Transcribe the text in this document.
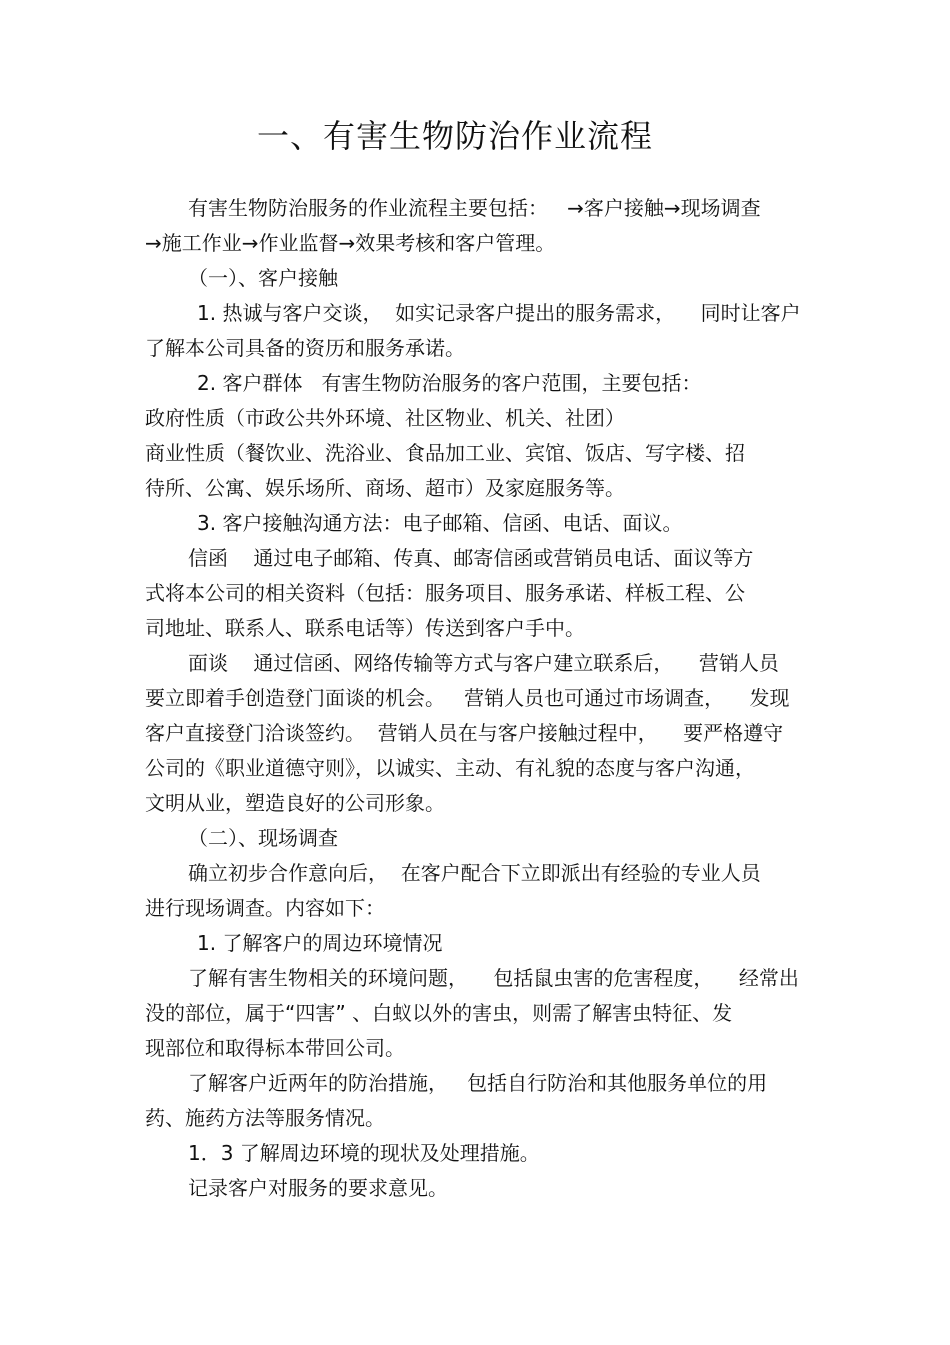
一、有害生物防治作业流程
有害生物防治服务的作业流程主要包括：   →客户接触→现场调查
→施工作业→作业监督→效果考核和客户管理。
（一）、客户接触
1. 热诚与客户交谈，  如实记录客户提出的服务需求，    同时让客户
了解本公司具备的资历和服务承诺。
2. 客户群体   有害生物防治服务的客户范围，主要包括：
政府性质（市政公共外环境、社区物业、机关、社团）
商业性质（餐饮业、洗浴业、食品加工业、宾馆、饭店、写字楼、招
待所、公寓、娱乐场所、商场、超市）及家庭服务等。
3. 客户接触沟通方法：电子邮箱、信函、电话、面议。
信函    通过电子邮箱、传真、邮寄信函或营销员电话、面议等方
式将本公司的相关资料（包括：服务项目、服务承诺、样板工程、公
司地址、联系人、联系电话等）传送到客户手中。
面谈    通过信函、网络传输等方式与客户建立联系后，    营销人员
要立即着手创造登门面谈的机会。   营销人员也可通过市场调查，    发现
客户直接登门洽谈签约。  营销人员在与客户接触过程中，    要严格遵守
公司的《职业道德守则》，以诚实、主动、有礼貌的态度与客户沟通，
文明从业，塑造良好的公司形象。
（二）、现场调查
确立初步合作意向后，  在客户配合下立即派出有经验的专业人员
进行现场调查。内容如下：
1. 了解客户的周边环境情况
了解有害生物相关的环境问题，    包括鼠虫害的危害程度，    经常出
没的部位，属于“四害” 、白蚁以外的害虫，则需了解害虫特征、发
现部位和取得标本带回公司。
了解客户近两年的防治措施，   包括自行防治和其他服务单位的用
药、施药方法等服务情况。
1．3 了解周边环境的现状及处理措施。
记录客户对服务的要求意见。
